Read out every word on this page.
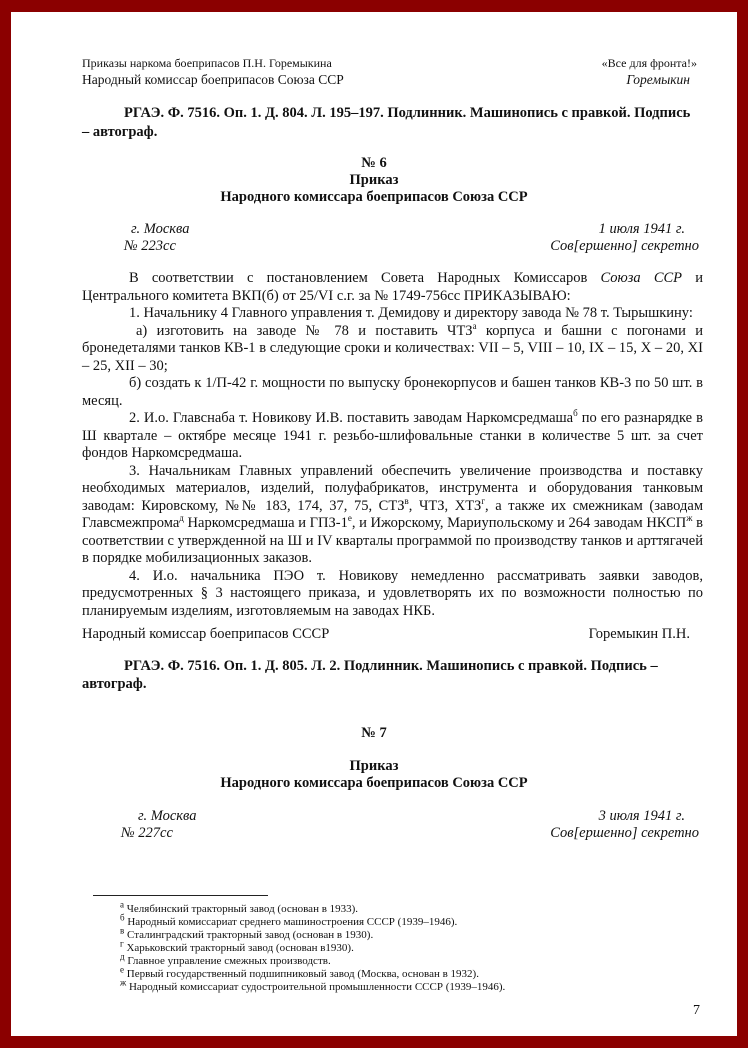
Приказы наркома боеприпасов П.Н. Горемыкина	«Все для фронта!»
Народный комиссар боеприпасов Союза ССР	Горемыкин
РГАЭ. Ф. 7516. Оп. 1. Д. 804. Л. 195–197. Подлинник. Машинопись с правкой. Подпись
– автограф.
№ 6
Приказ
Народного комиссара боеприпасов Союза ССР
г. Москва	1 июля 1941 г.
№ 223сс	Сов[ершенно] секретно
В соответствии с постановлением Совета Народных Комиссаров Союза ССР и Центрального комитета ВКП(б) от 25/VI с.г. за № 1749-756сс ПРИКАЗЫВАЮ:
1. Начальнику 4 Главного управления т. Демидову и директору завода № 78 т. Тырышкину:
а) изготовить на заводе № 78 и поставить $ЧТЗ^а$ корпуса и башни с погонами и бронедеталями танков КВ-1 в следующие сроки и количествах: VII – 5, VIII – 10, IX – 15, X – 20, XI – 25, XII – 30;
б) создать к 1/П-42 г. мощности по выпуску бронекорпусов и башен танков КВ-3 по 50 шт. в месяц.
2. И.о. Главснаба т. Новикову И.В. поставить заводам Наркомсредмаша$^б$ по его разнарядке в Ш квартале – октябре месяце 1941 г. резьбо-шлифовальные станки в количестве 5 шт. за счет фондов Наркомсредмаша.
3. Начальникам Главных управлений обеспечить увеличение производства и поставку необходимых материалов, изделий, полуфабрикатов, инструмента и оборудования танковым заводам: Кировскому, №№ 183, 174, 37, 75, $СТЗ^в$, ЧТЗ, $ХТЗ^г$, а также их смежникам (заводам Главсмежпрома$^д$ Наркомсредмаша и ГПЗ-$1^е$, и Ижорскому, Мариупольскому и 264 заводам $НКСП^ж$ в соответствии с утвержденной на Ш и IV кварталы программой по производству танков и арттягачей в порядке мобилизационных заказов.
4. И.о. начальника ПЭО т. Новикову немедленно рассматривать заявки заводов, предусмотренных § 3 настоящего приказа, и удовлетворять их по возможности полностью по планируемым изделиям, изготовляемым на заводах НКБ.
Народный комиссар боеприпасов СССР	Горемыкин П.Н.
РГАЭ. Ф. 7516. Оп. 1. Д. 805. Л. 2. Подлинник. Машинопись с правкой. Подпись –
автограф.
№ 7
Приказ
Народного комиссара боеприпасов Союза ССР
г. Москва	3 июля 1941 г.
№ 227сс	Сов[ершенно] секретно
$^а$ Челябинский тракторный завод (основан в 1933).
$^б$ Народный комиссариат среднего машиностроения СССР (1939–1946).
$^в$ Сталинградский тракторный завод (основан в 1930).
$^г$ Харьковский тракторный завод (основан в1930).
$^д$ Главное управление смежных производств.
$^е$ Первый государственный подшипниковый завод (Москва, основан в 1932).
$^ж$ Народный комиссариат судостроительной промышленности СССР (1939–1946).
7
